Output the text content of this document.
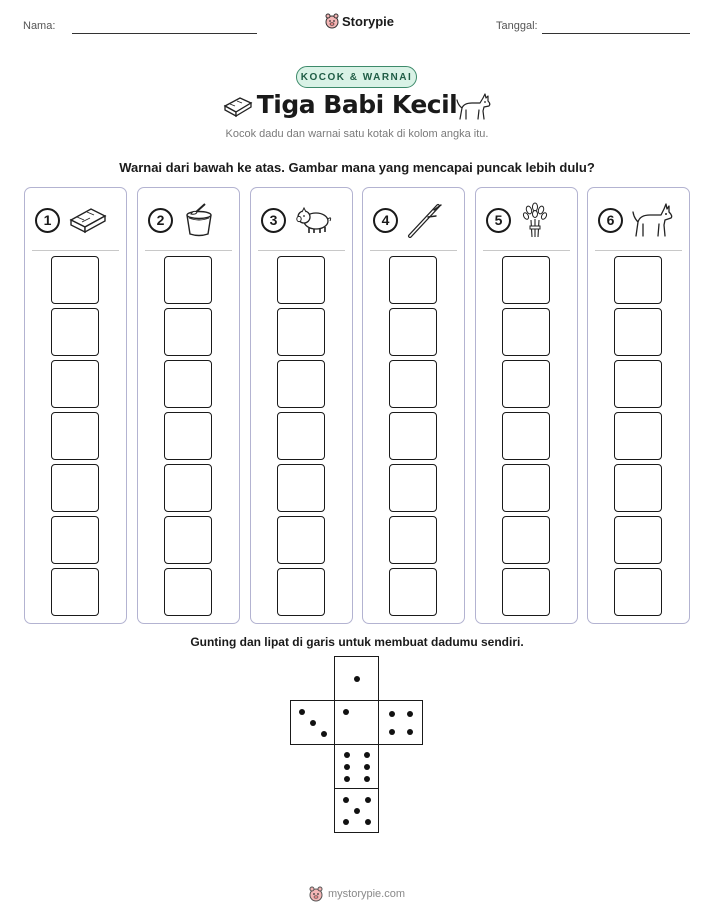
Nama:	Storypie	Tanggal:
KOCOK & WARNAI
Tiga Babi Kecil
Kocok dadu dan warnai satu kotak di kolom angka itu.
Warnai dari bawah ke atas. Gambar mana yang mencapai puncak lebih dulu?
1	2	3	4	5	6
Gunting dan lipat di garis untuk membuat dadumu sendiri.
mystorypie.com
